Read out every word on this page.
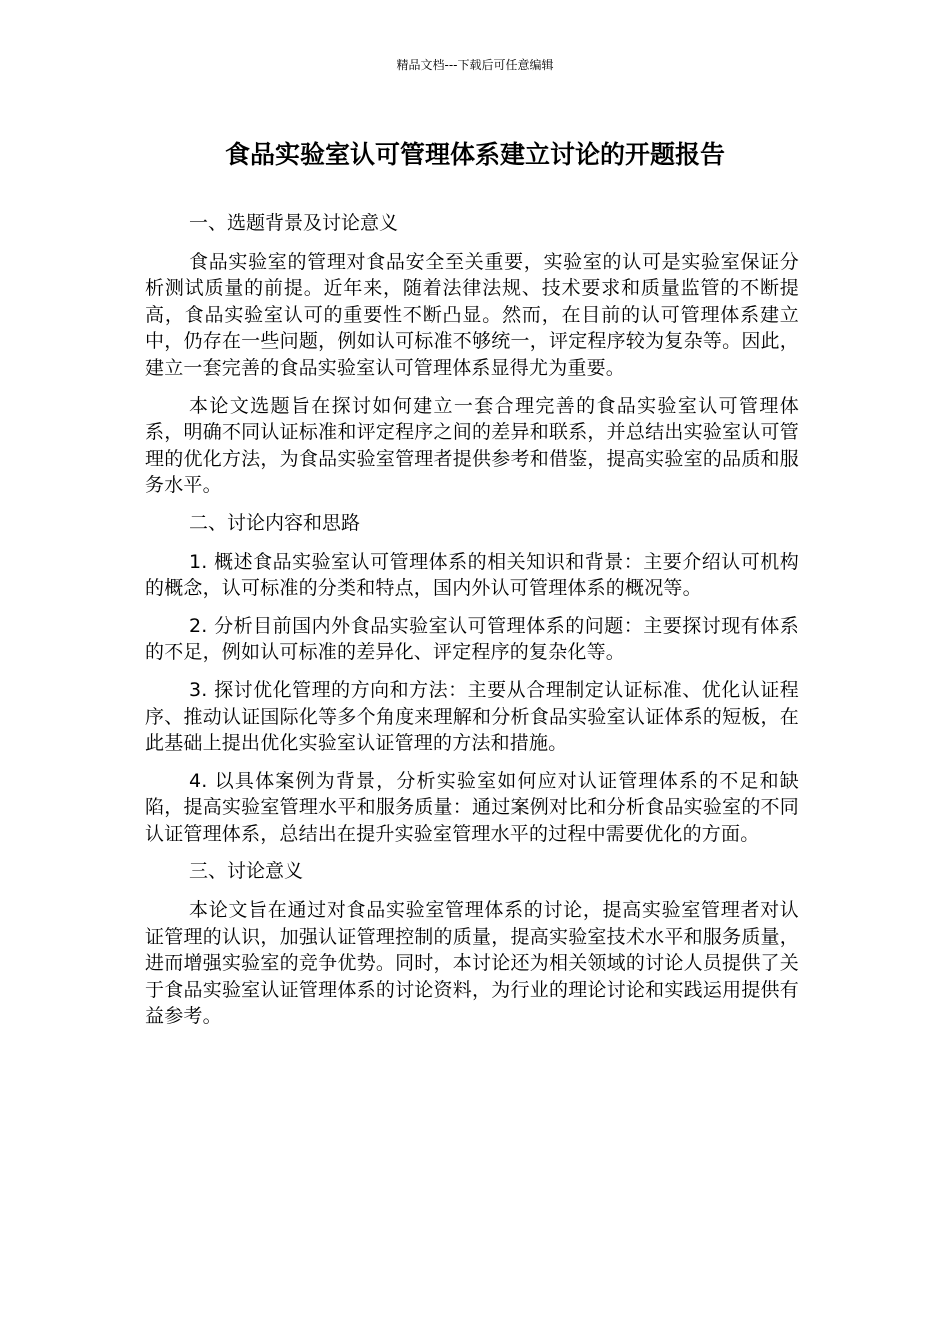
精品文档---下载后可任意编辑
食品实验室认可管理体系建立讨论的开题报告

一、选题背景及讨论意义

食品实验室的管理对食品安全至关重要，实验室的认可是实验室保证分析测试质量的前提。近年来，随着法律法规、技术要求和质量监管的不断提高，食品实验室认可的重要性不断凸显。然而，在目前的认可管理体系建立中，仍存在一些问题，例如认可标准不够统一，评定程序较为复杂等。因此，建立一套完善的食品实验室认可管理体系显得尤为重要。

本论文选题旨在探讨如何建立一套合理完善的食品实验室认可管理体系，明确不同认证标准和评定程序之间的差异和联系，并总结出实验室认可管理的优化方法，为食品实验室管理者提供参考和借鉴，提高实验室的品质和服务水平。

二、讨论内容和思路

1. 概述食品实验室认可管理体系的相关知识和背景：主要介绍认可机构的概念，认可标准的分类和特点，国内外认可管理体系的概况等。

2. 分析目前国内外食品实验室认可管理体系的问题：主要探讨现有体系的不足，例如认可标准的差异化、评定程序的复杂化等。

3. 探讨优化管理的方向和方法：主要从合理制定认证标准、优化认证程序、推动认证国际化等多个角度来理解和分析食品实验室认证体系的短板，在此基础上提出优化实验室认证管理的方法和措施。

4. 以具体案例为背景，分析实验室如何应对认证管理体系的不足和缺陷，提高实验室管理水平和服务质量：通过案例对比和分析食品实验室的不同认证管理体系，总结出在提升实验室管理水平的过程中需要优化的方面。

三、讨论意义

本论文旨在通过对食品实验室管理体系的讨论，提高实验室管理者对认证管理的认识，加强认证管理控制的质量，提高实验室技术水平和服务质量，进而增强实验室的竞争优势。同时，本讨论还为相关领域的讨论人员提供了关于食品实验室认证管理体系的讨论资料，为行业的理论讨论和实践运用提供有益参考。
